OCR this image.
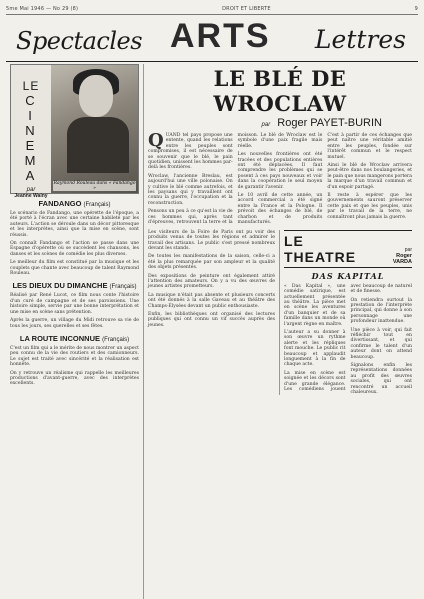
5me Mai 1946 — No 29 (8)	DROIT ET LIBERTE	9
Spectacles ARTS Lettres
LE
C
I
N
E
M
A
par
Jeanne Walny
Raymond Rouleau dans « Fandango »
FANDANGO (Français)

Le scénario de Fandango, une opérette de l'époque, a été porté à l'écran avec une certaine habileté par les auteurs. L'action se déroule dans un décor pittoresque et les interprètes, ainsi que la mise en scène, sont réussis.

On connaît Fandango et l'action se passe dans une Espagne d'opérette où se succèdent les chansons, les danses et les scènes de comédie les plus diverses.

Le meilleur du film est constitué par la musique et les couplets que chante avec beaucoup de talent Raymond Rouleau.

LES DIEUX DU DIMANCHE (Français)

Réalisé par René Lucot, ce film nous conte l'histoire d'un curé de campagne et de ses paroissiens. Une histoire simple, servie par une bonne interprétation et une mise en scène sans prétention.

Après la guerre, un village du Midi retrouve sa vie de tous les jours, ses querelles et ses fêtes.

LA ROUTE INCONNUE (Français)

C'est un film qui a le mérite de nous montrer un aspect peu connu de la vie des routiers et des camionneurs. Le sujet est traité avec sincérité et la réalisation est honnête.

On y retrouve un réalisme qui rappelle les meilleures productions d'avant-guerre, avec des interprètes excellents.

LE BLÉ DE WROCLAW
par Roger PAYET-BURIN

QUAND tel pays propose une entente, quand les relations entre les peuples sont compromises, il est nécessaire de se souvenir que le blé, le pain quotidien, unissent les hommes par-delà les frontières.

Wroclaw, l'ancienne Breslau, est aujourd'hui une ville polonaise. On y cultive le blé comme autrefois, et les paysans qui y travaillent ont connu la guerre, l'occupation et la reconstruction.

Pensons un peu à ce qu'est la vie de ces hommes qui, après tant d'épreuves, retrouvent la terre et la moisson. Le blé de Wroclaw est le symbole d'une paix fragile mais réelle.

Les nouvelles frontières ont été tracées et des populations entières ont été déplacées. Il faut comprendre les problèmes qui se posent à ces pays nouveaux et voir dans la coopération le seul moyen de garantir l'avenir.

Le 10 avril de cette année, un accord commercial a été signé entre la France et la Pologne. Il prévoit des échanges de blé, de charbon et de produits manufacturés.

C'est à partir de ces échanges que peut naître une véritable amitié entre les peuples, fondée sur l'intérêt commun et le respect mutuel.

Ainsi le blé de Wroclaw arrivera peut-être dans nos boulangeries, et le pain que nous mangerons portera la marque d'un travail commun et d'un espoir partagé.

Il reste à espérer que les gouvernements sauront préserver cette paix et que les peuples, unis par le travail de la terre, ne connaîtront plus jamais la guerre.

Les visiteurs de la Foire de Paris ont pu voir des produits venus de toutes les régions et admirer le travail des artisans. Le public s'est pressé nombreux devant les stands.

De toutes les manifestations de la saison, celle-ci a été la plus remarquée par son ampleur et la qualité des objets présentés.

Des expositions de peinture ont également attiré l'attention des amateurs. On y a vu des œuvres de jeunes artistes prometteurs.

La musique n'était pas absente et plusieurs concerts ont été donnés à la salle Gaveau et au théâtre des Champs-Élysées devant un public enthousiaste.

Enfin, les bibliothèques ont organisé des lectures publiques qui ont connu un vif succès auprès des jeunes.

LE THEATRE	par
Roger VARDA
DAS KAPITAL

« Das Kapital », une comédie satirique, est actuellement présentée au théâtre. La pièce met en scène les aventures d'un banquier et de sa famille dans un monde où l'argent règne en maître.

L'auteur a su donner à son œuvre un rythme alerte et les répliques font mouche. Le public rit beaucoup et applaudit longuement à la fin de chaque acte.

La mise en scène est soignée et les décors sont d'une grande élégance. Les comédiens jouent avec beaucoup de naturel et de finesse.

On retiendra surtout la prestation de l'interprète principal, qui donne à son personnage une profondeur inattendue.

Une pièce à voir, qui fait réfléchir tout en divertissant, et qui confirme le talent d'un auteur dont on attend beaucoup.

Signalons enfin les représentations données au profit des œuvres sociales, qui ont rencontré un accueil chaleureux.
